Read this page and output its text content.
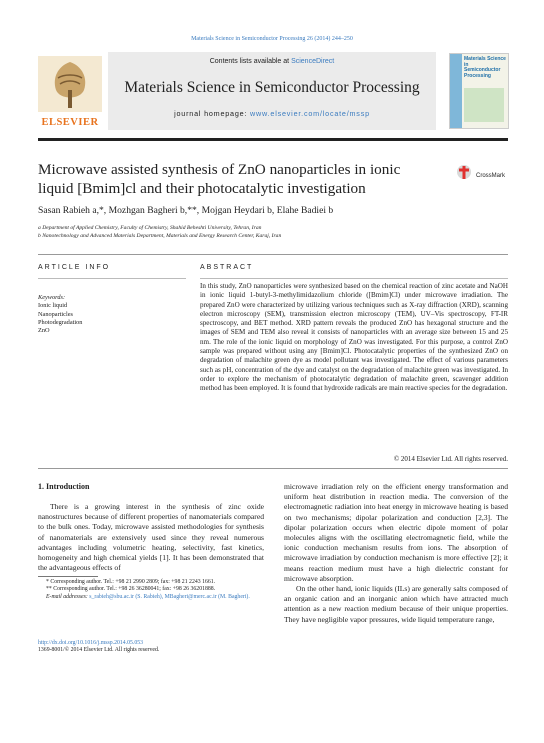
Materials Science in Semiconductor Processing 26 (2014) 244–250
ELSEVIER
Contents lists available at ScienceDirect
Materials Science in Semiconductor Processing
journal homepage: www.elsevier.com/locate/mssp
Materials Science in Semiconductor Processing
Microwave assisted synthesis of ZnO nanoparticles in ionic liquid [Bmim]cl and their photocatalytic investigation
CrossMark
Sasan Rabieh a,*, Mozhgan Bagheri b,**, Mojgan Heydari b, Elahe Badiei b
a Department of Applied Chemistry, Faculty of Chemistry, Shahid Beheshti University, Tehran, Iran
b Nanotechnology and Advanced Materials Department, Materials and Energy Research Center, Karaj, Iran
ARTICLE INFO	ABSTRACT
Keywords:
Ionic liquid
Nanoparticles
Photodegradation
ZnO
In this study, ZnO nanoparticles were synthesized based on the chemical reaction of zinc acetate and NaOH in ionic liquid 1-butyl-3-methylimidazolium chloride ([Bmim]Cl) under microwave irradiation. The prepared ZnO were characterized by utilizing various techniques such as X-ray diffraction (XRD), scanning electron microscopy (SEM), transmission electron microscopy (TEM), UV–Vis spectroscopy, FT-IR spectroscopy, and BET method. XRD pattern reveals the produced ZnO has hexagonal structure and the images of SEM and TEM also reveal it consists of nanoparticles with an average size between 15 and 25 nm. The role of the ionic liquid on morphology of ZnO was investigated. For this purpose, a control ZnO sample was prepared without using any [Bmim]Cl. Photocatalytic properties of the synthesized ZnO on degradation of malachite green dye as model pollutant was investigated. The effect of various parameters such as pH, concentration of the dye and catalyst on the degradation of malachite green was investigated. In order to explore the mechanism of photocatalytic degradation of malachite green, scavenger addition method has been employed. It is found that hydroxide radicals are main reactive species for the degradation.
© 2014 Elsevier Ltd. All rights reserved.
1. Introduction
There is a growing interest in the synthesis of zinc oxide nanostructures because of different properties of nanomaterials compared to the bulk ones. Today, microwave assisted methodologies for synthesis of nanomaterials are extensively used since they reveal numerous advantages including volumetric heating, selectivity, fast kinetics, homogeneity and high chemical yields [1]. It has been demonstrated that the advantageous effects of
microwave irradiation rely on the efficient energy transformation and uniform heat distribution in reaction media. The conversion of the electromagnetic radiation into heat energy in microwave heating is based on two mechanisms; dipolar polarization and conduction [2,3]. The dipolar polarization occurs when electric dipole moment of polar molecules aligns with the oscillating electromagnetic field, while the ionic conduction mechanism results from ions. The absorption of microwave irradiation by conduction mechanism is more effective [2]; it means reaction medium must have a high dielectric constant for microwave absorption.
On the other hand, ionic liquids (ILs) are generally salts composed of an organic cation and an inorganic anion which have attracted much attention as a new reaction medium because of their unique properties. They have negligible vapor pressures, wide liquid temperature range,
* Corresponding author. Tel.: +98 21 2990 2809; fax: +98 21 2243 1661.
** Corresponding author. Tel.: +98 26 36280041; fax: +98 26 36201888.
E-mail addresses: s_rabieh@sbu.ac.ir (S. Rabieh), MBagheri@merc.ac.ir (M. Bagheri).
http://dx.doi.org/10.1016/j.mssp.2014.05.053
1369-8001/© 2014 Elsevier Ltd. All rights reserved.
